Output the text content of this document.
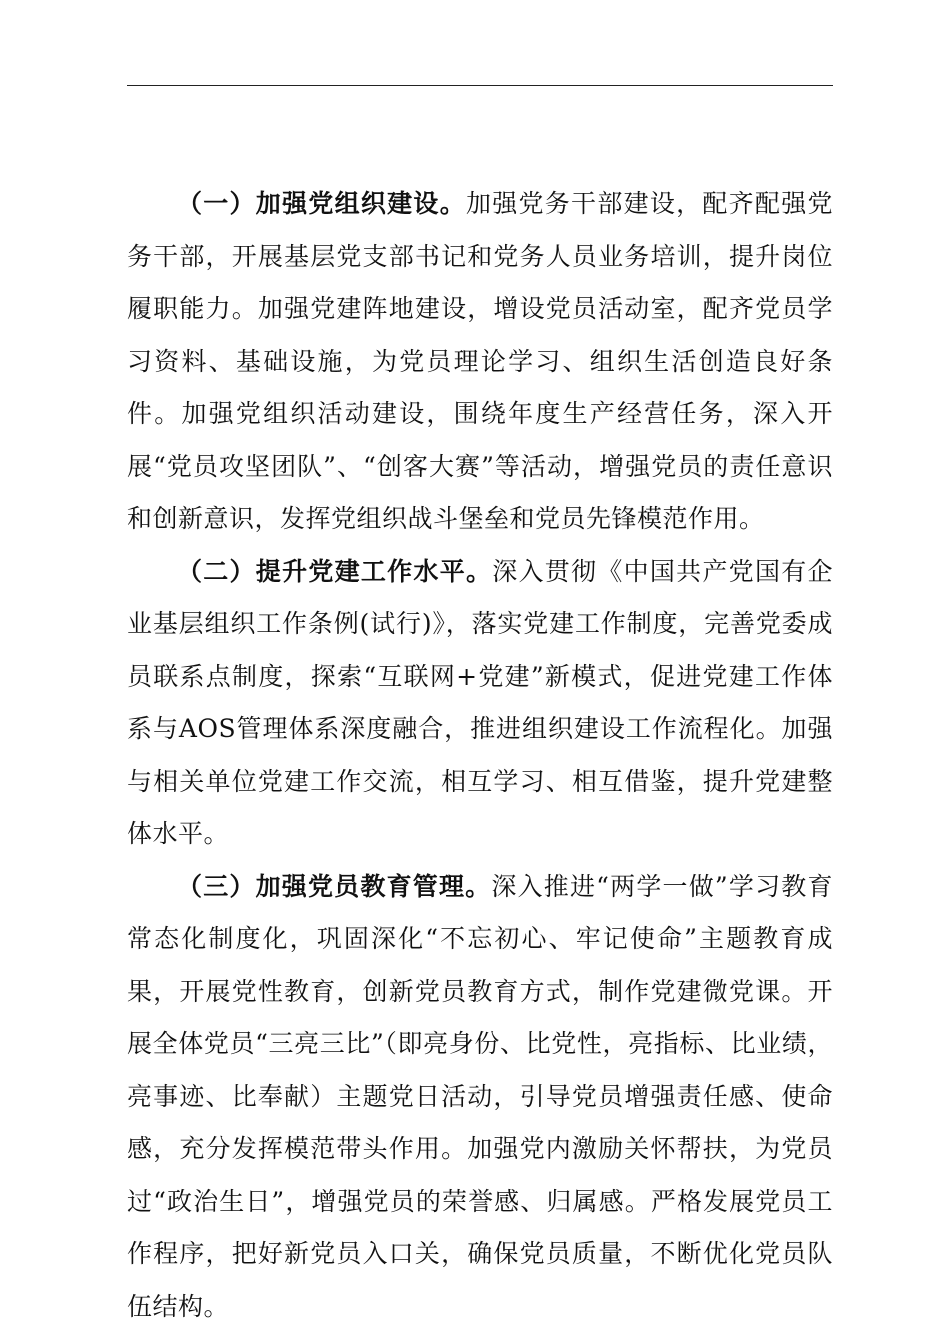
（一）加强党组织建设。加强党务干部建设，配齐配强党务干部，开展基层党支部书记和党务人员业务培训，提升岗位履职能力。加强党建阵地建设，增设党员活动室，配齐党员学习资料、基础设施，为党员理论学习、组织生活创造良好条件。加强党组织活动建设，围绕年度生产经营任务，深入开展“党员攻坚团队”、“创客大赛”等活动，增强党员的责任意识和创新意识，发挥党组织战斗堡垒和党员先锋模范作用。

（二）提升党建工作水平。深入贯彻《中国共产党国有企业基层组织工作条例(试行)》，落实党建工作制度，完善党委成员联系点制度，探索“互联网+党建”新模式，促进党建工作体系与AOS管理体系深度融合，推进组织建设工作流程化。加强与相关单位党建工作交流，相互学习、相互借鉴，提升党建整体水平。

（三）加强党员教育管理。深入推进“两学一做”学习教育常态化制度化，巩固深化“不忘初心、牢记使命”主题教育成果，开展党性教育，创新党员教育方式，制作党建微党课。开展全体党员“三亮三比”（即亮身份、比党性，亮指标、比业绩，亮事迹、比奉献）主题党日活动，引导党员增强责任感、使命感，充分发挥模范带头作用。加强党内激励关怀帮扶，为党员过“政治生日”，增强党员的荣誉感、归属感。严格发展党员工作程序，把好新党员入口关，确保党员质量，不断优化党员队伍结构。
